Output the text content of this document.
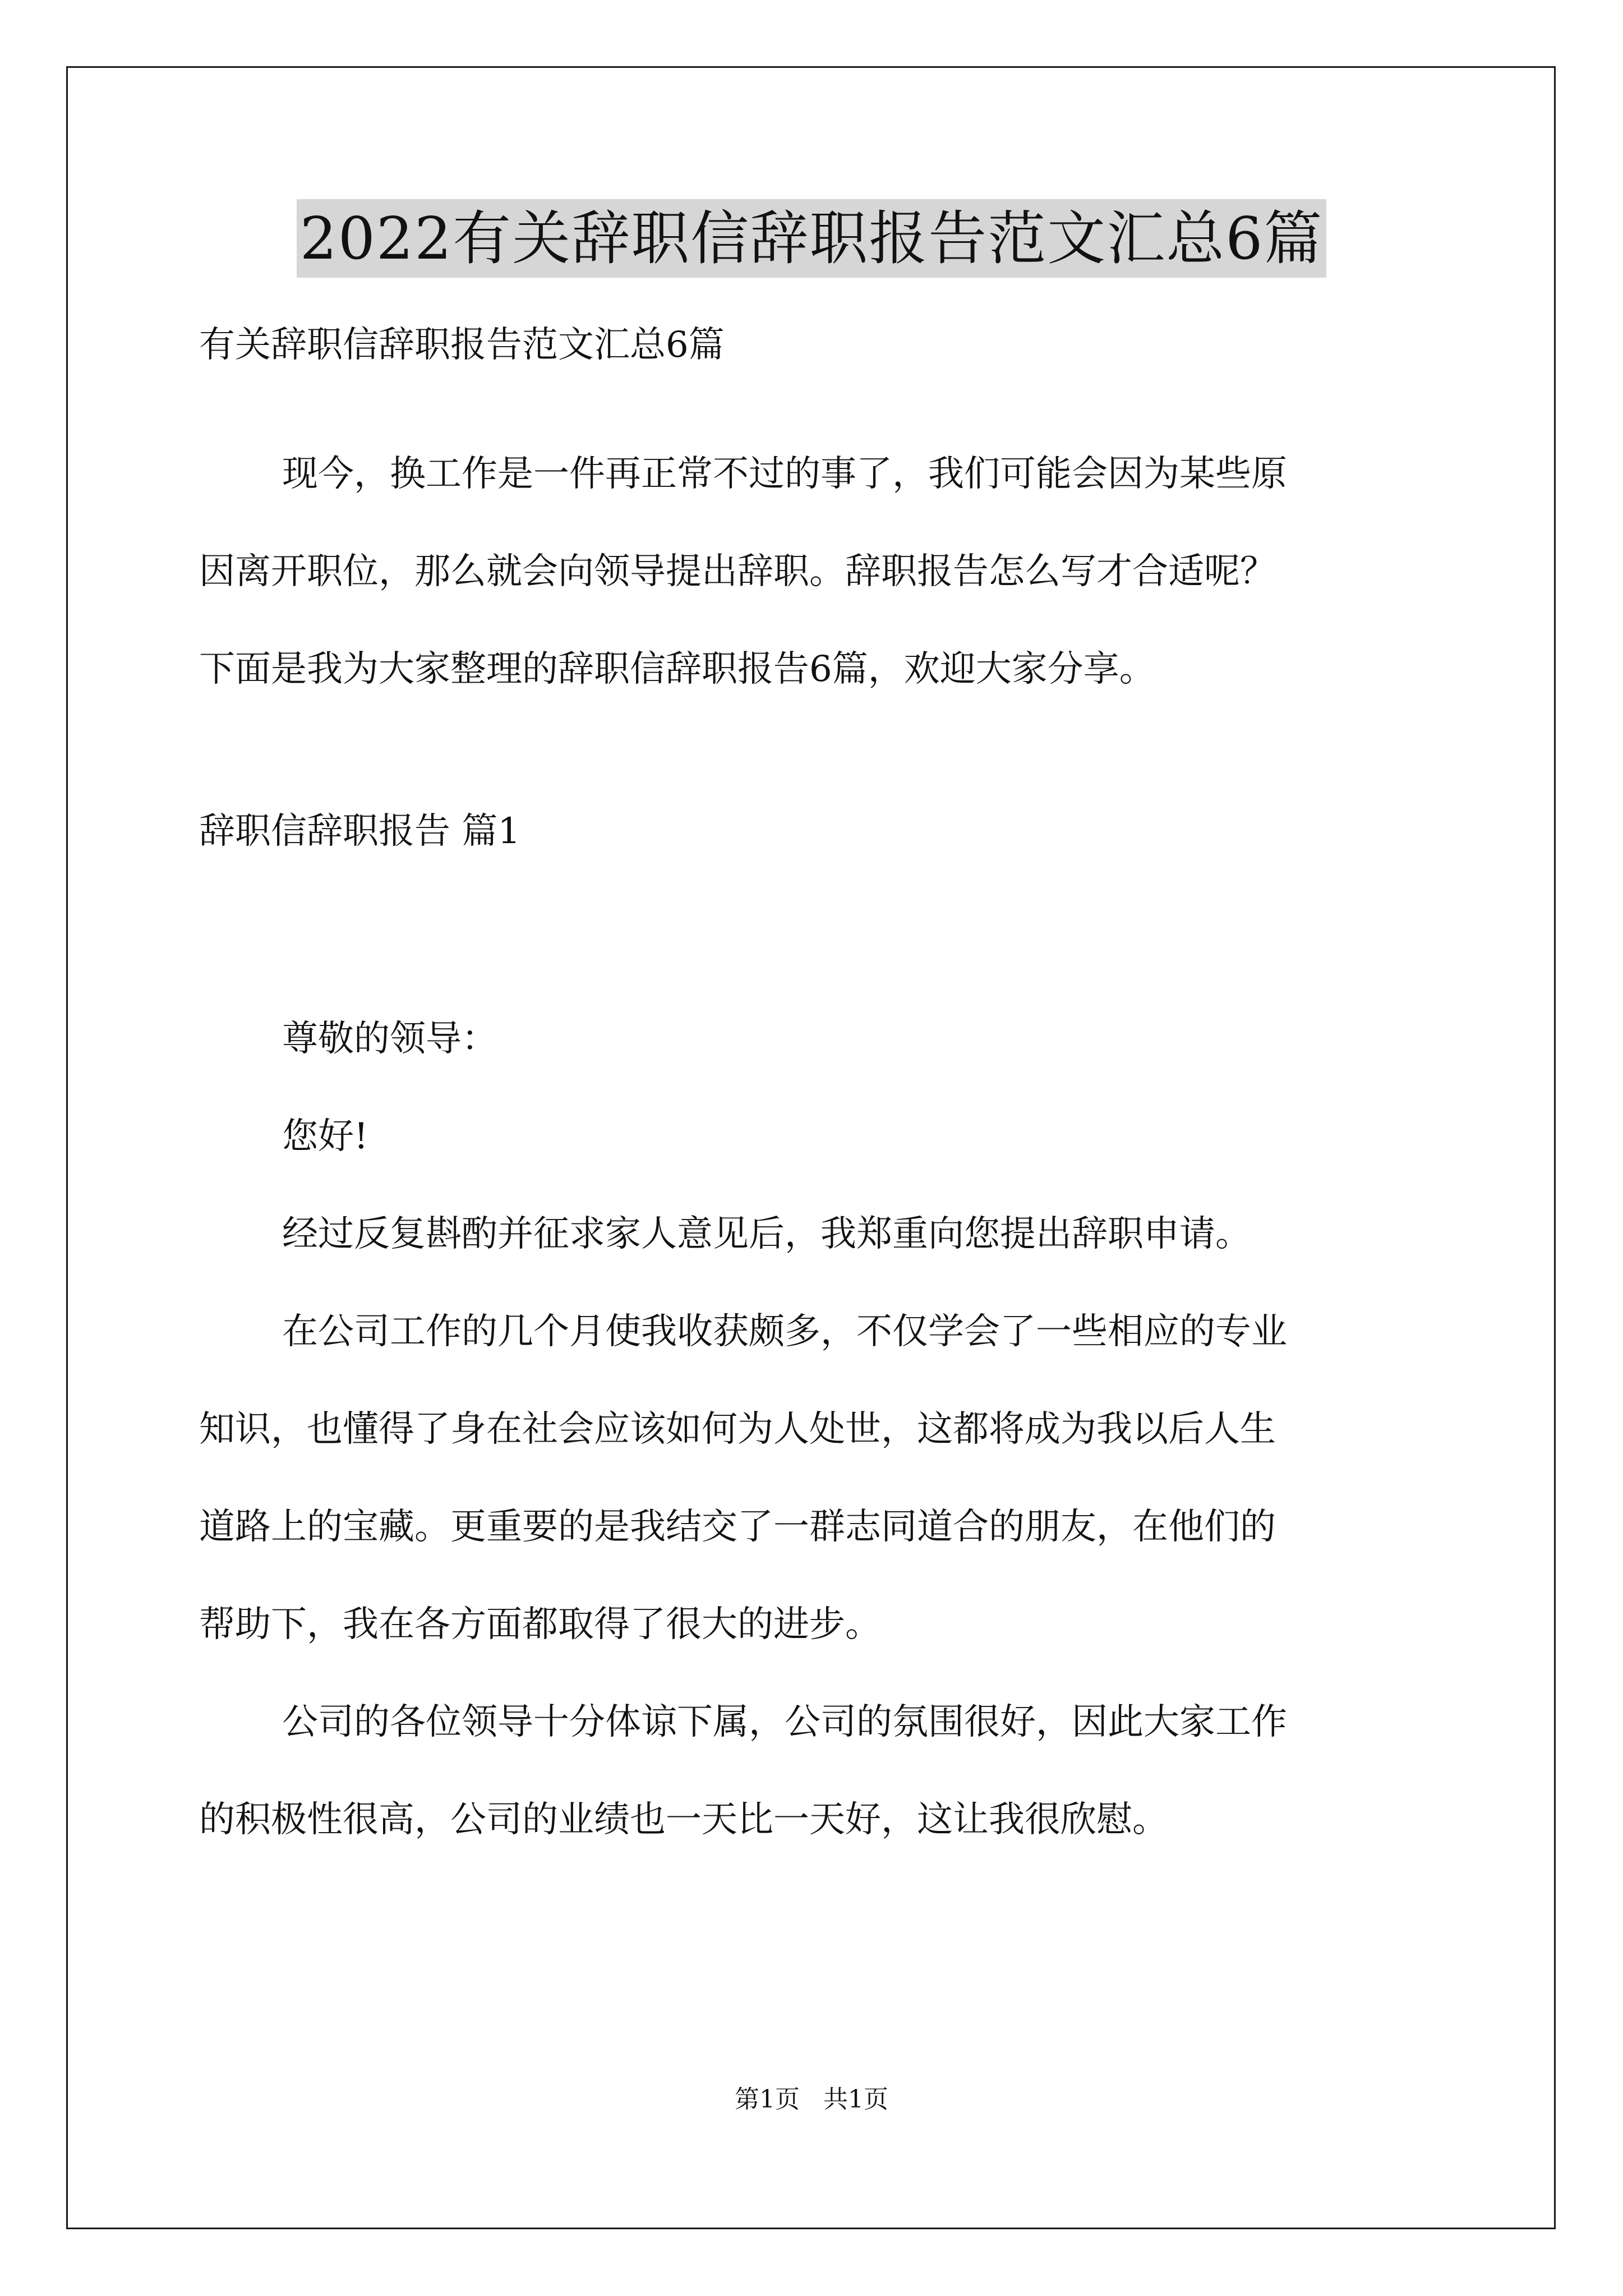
2022有关辞职信辞职报告范文汇总6篇

有关辞职信辞职报告范文汇总6篇

现今，换工作是一件再正常不过的事了，我们可能会因为某些原

因离开职位，那么就会向领导提出辞职。辞职报告怎么写才合适呢？

下面是我为大家整理的辞职信辞职报告6篇，欢迎大家分享。

辞职信辞职报告 篇1

尊敬的领导：

您好!

经过反复斟酌并征求家人意见后，我郑重向您提出辞职申请。

在公司工作的几个月使我收获颇多，不仅学会了一些相应的专业

知识，也懂得了身在社会应该如何为人处世，这都将成为我以后人生

道路上的宝藏。更重要的是我结交了一群志同道合的朋友，在他们的

帮助下，我在各方面都取得了很大的进步。

公司的各位领导十分体谅下属，公司的氛围很好，因此大家工作

的积极性很高，公司的业绩也一天比一天好，这让我很欣慰。

第1页 共1页
